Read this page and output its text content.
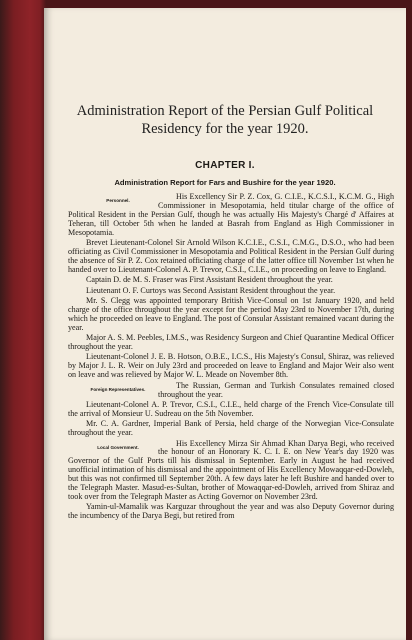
Administration Report of the Persian Gulf Political
Residency for the year 1920.
CHAPTER I.
Administration Report for Fars and Bushire for the year 1920.

Personnel.	His Excellency Sir P. Z. Cox, G. C.I.E., K.C.S.I., K.C.M. G., High Commissioner in Mesopotamia, held titular charge of the office of Political Resident in the Persian Gulf, though he was actually His Majesty's Chargé d' Affaires at Teheran, till October 5th when he landed at Basrah from England as High Commissioner in Mesopotamia.

Brevet Lieutenant-Colonel Sir Arnold Wilson K.C.I.E., C.S.I., C.M.G., D.S.O., who had been officiating as Civil Commissioner in Mesopotamia and Political Resident in the Persian Gulf during the absence of Sir P. Z. Cox retained officiating charge of the latter office till November 1st when he handed over to Lieutenant-Colonel A. P. Trevor, C.S.I., C.I.E., on proceeding on leave to England.

Captain D. de M. S. Fraser was First Assistant Resident throughout the year.

Lieutenant O. F. Curtoys was Second Assistant Resident throughout the year.

Mr. S. Clegg was appointed temporary British Vice-Consul on 1st January 1920, and held charge of the office throughout the year except for the period May 23rd to November 17th, during which he proceeded on leave to England. The post of Consular Assistant remained vacant during the year.

Major A. S. M. Peebles, I.M.S., was Residency Surgeon and Chief Quarantine Medical Officer throughout the year.

Lieutenant-Colonel J. E. B. Hotson, O.B.E., I.C.S., His Majesty's Consul, Shiraz, was relieved by Major J. L. R. Weir on July 23rd and proceeded on leave to England and Major Weir also went on leave and was relieved by Major W. L. Meade on November 8th.

Foreign Representatives.	The Russian, German and Turkish Consulates remained closed throughout the year.

Lieutenant-Colonel A. P. Trevor, C.S.I., C.I.E., held charge of the French Vice-Consulate till the arrival of Monsieur U. Sudreau on the 5th November.

Mr. C. A. Gardner, Imperial Bank of Persia, held charge of the Norwegian Vice-Consulate throughout the year.

Local Government.	His Excellency Mirza Sir Ahmad Khan Darya Begi, who received the honour of an Honorary K. C. I. E. on New Year's day 1920 was Governor of the Gulf Ports till his dismissal in September. Early in August he had received unofficial intimation of his dismissal and the appointment of His Excellency Mowaqqar-ed-Dowleh, but this was not confirmed till September 20th. A few days later he left Bushire and handed over to the Telegraph Master. Masud-es-Sultan, brother of Mowaqqar-ed-Dowleh, arrived from Shiraz and took over from the Telegraph Master as Acting Governor on November 23rd.

Yamin-ul-Mamalik was Karguzar throughout the year and was also Deputy Governor during the incumbency of the Darya Begi, but retired from
